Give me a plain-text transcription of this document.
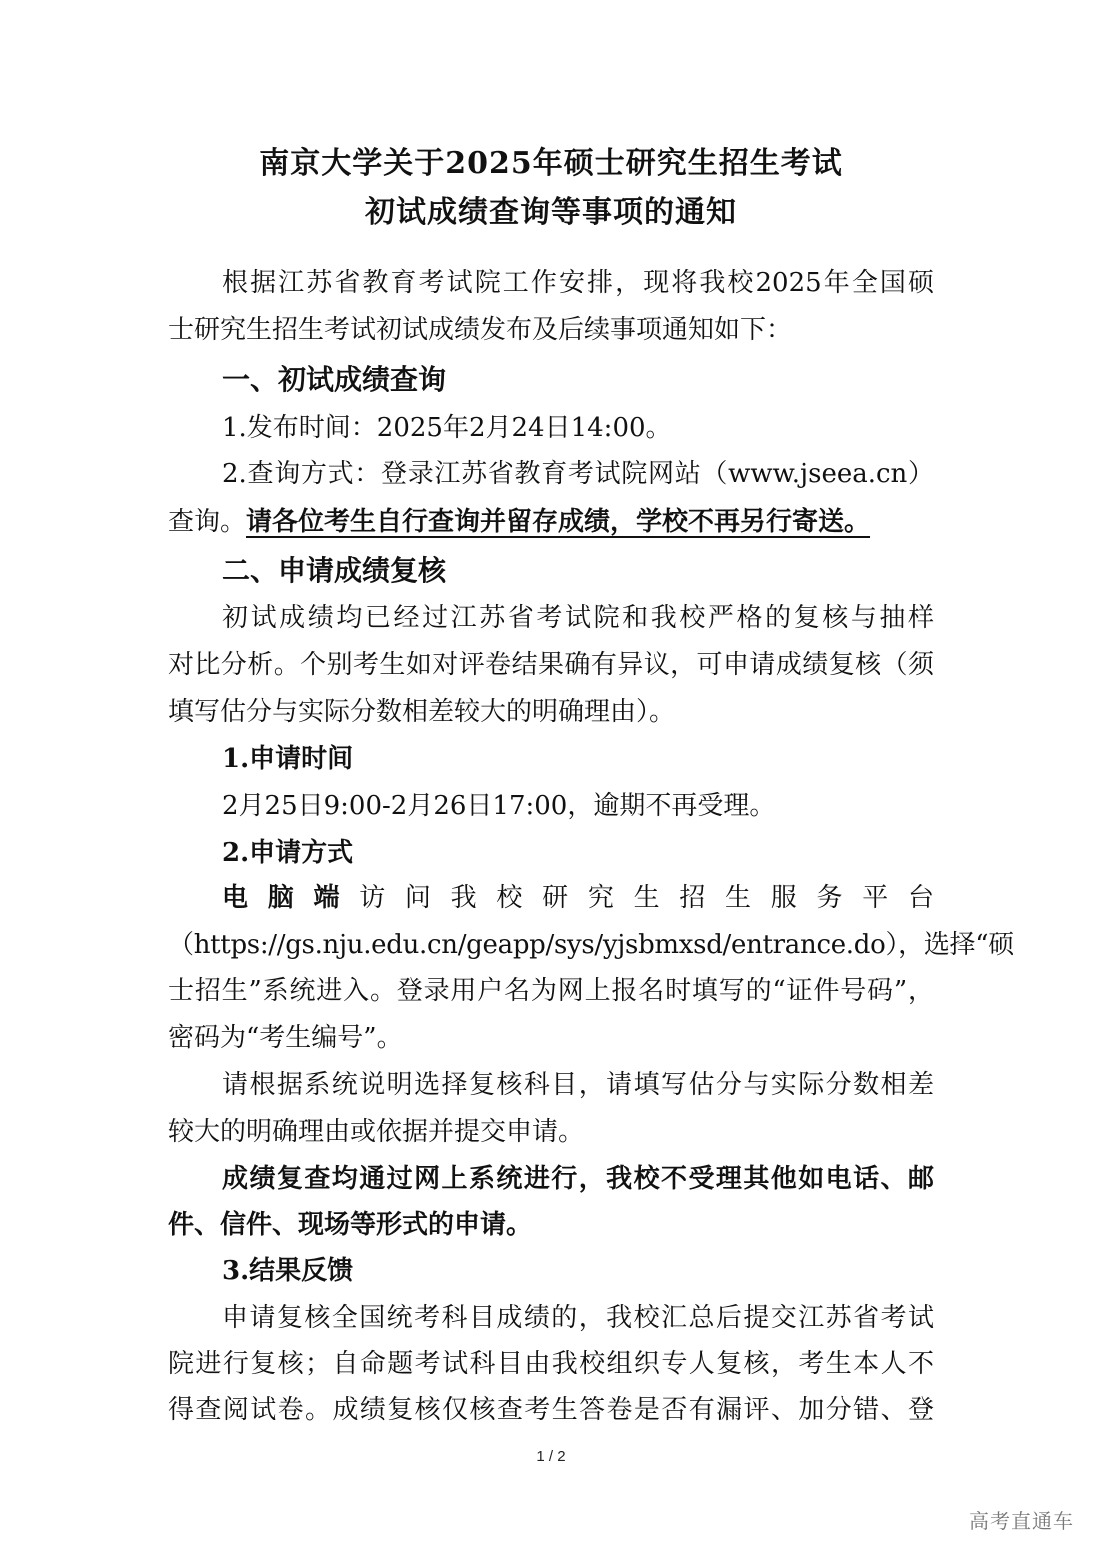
南京大学关于2025年硕士研究生招生考试
初试成绩查询等事项的通知
根据江苏省教育考试院工作安排，现将我校2025年全国硕
士研究生招生考试初试成绩发布及后续事项通知如下：
一、初试成绩查询
1.发布时间：2025年2月24日14:00。
2.查询方式：登录江苏省教育考试院网站（www.jseea.cn）
查询。请各位考生自行查询并留存成绩，学校不再另行寄送。
二、申请成绩复核
初试成绩均已经过江苏省考试院和我校严格的复核与抽样
对比分析。个别考生如对评卷结果确有异议，可申请成绩复核（须
填写估分与实际分数相差较大的明确理由）。
1.申请时间
2月25日9:00-2月26日17:00，逾期不再受理。
2.申请方式
电脑端访问我校研究生招生服务平台
（https://gs.nju.edu.cn/geapp/sys/yjsbmxsd/entrance.do），选择“硕
士招生”系统进入。登录用户名为网上报名时填写的“证件号码”，
密码为“考生编号”。
请根据系统说明选择复核科目，请填写估分与实际分数相差
较大的明确理由或依据并提交申请。
成绩复查均通过网上系统进行，我校不受理其他如电话、邮
件、信件、现场等形式的申请。
3.结果反馈
申请复核全国统考科目成绩的，我校汇总后提交江苏省考试
院进行复核；自命题考试科目由我校组织专人复核，考生本人不
得查阅试卷。成绩复核仅核查考生答卷是否有漏评、加分错、登
1 / 2
高考直通车
